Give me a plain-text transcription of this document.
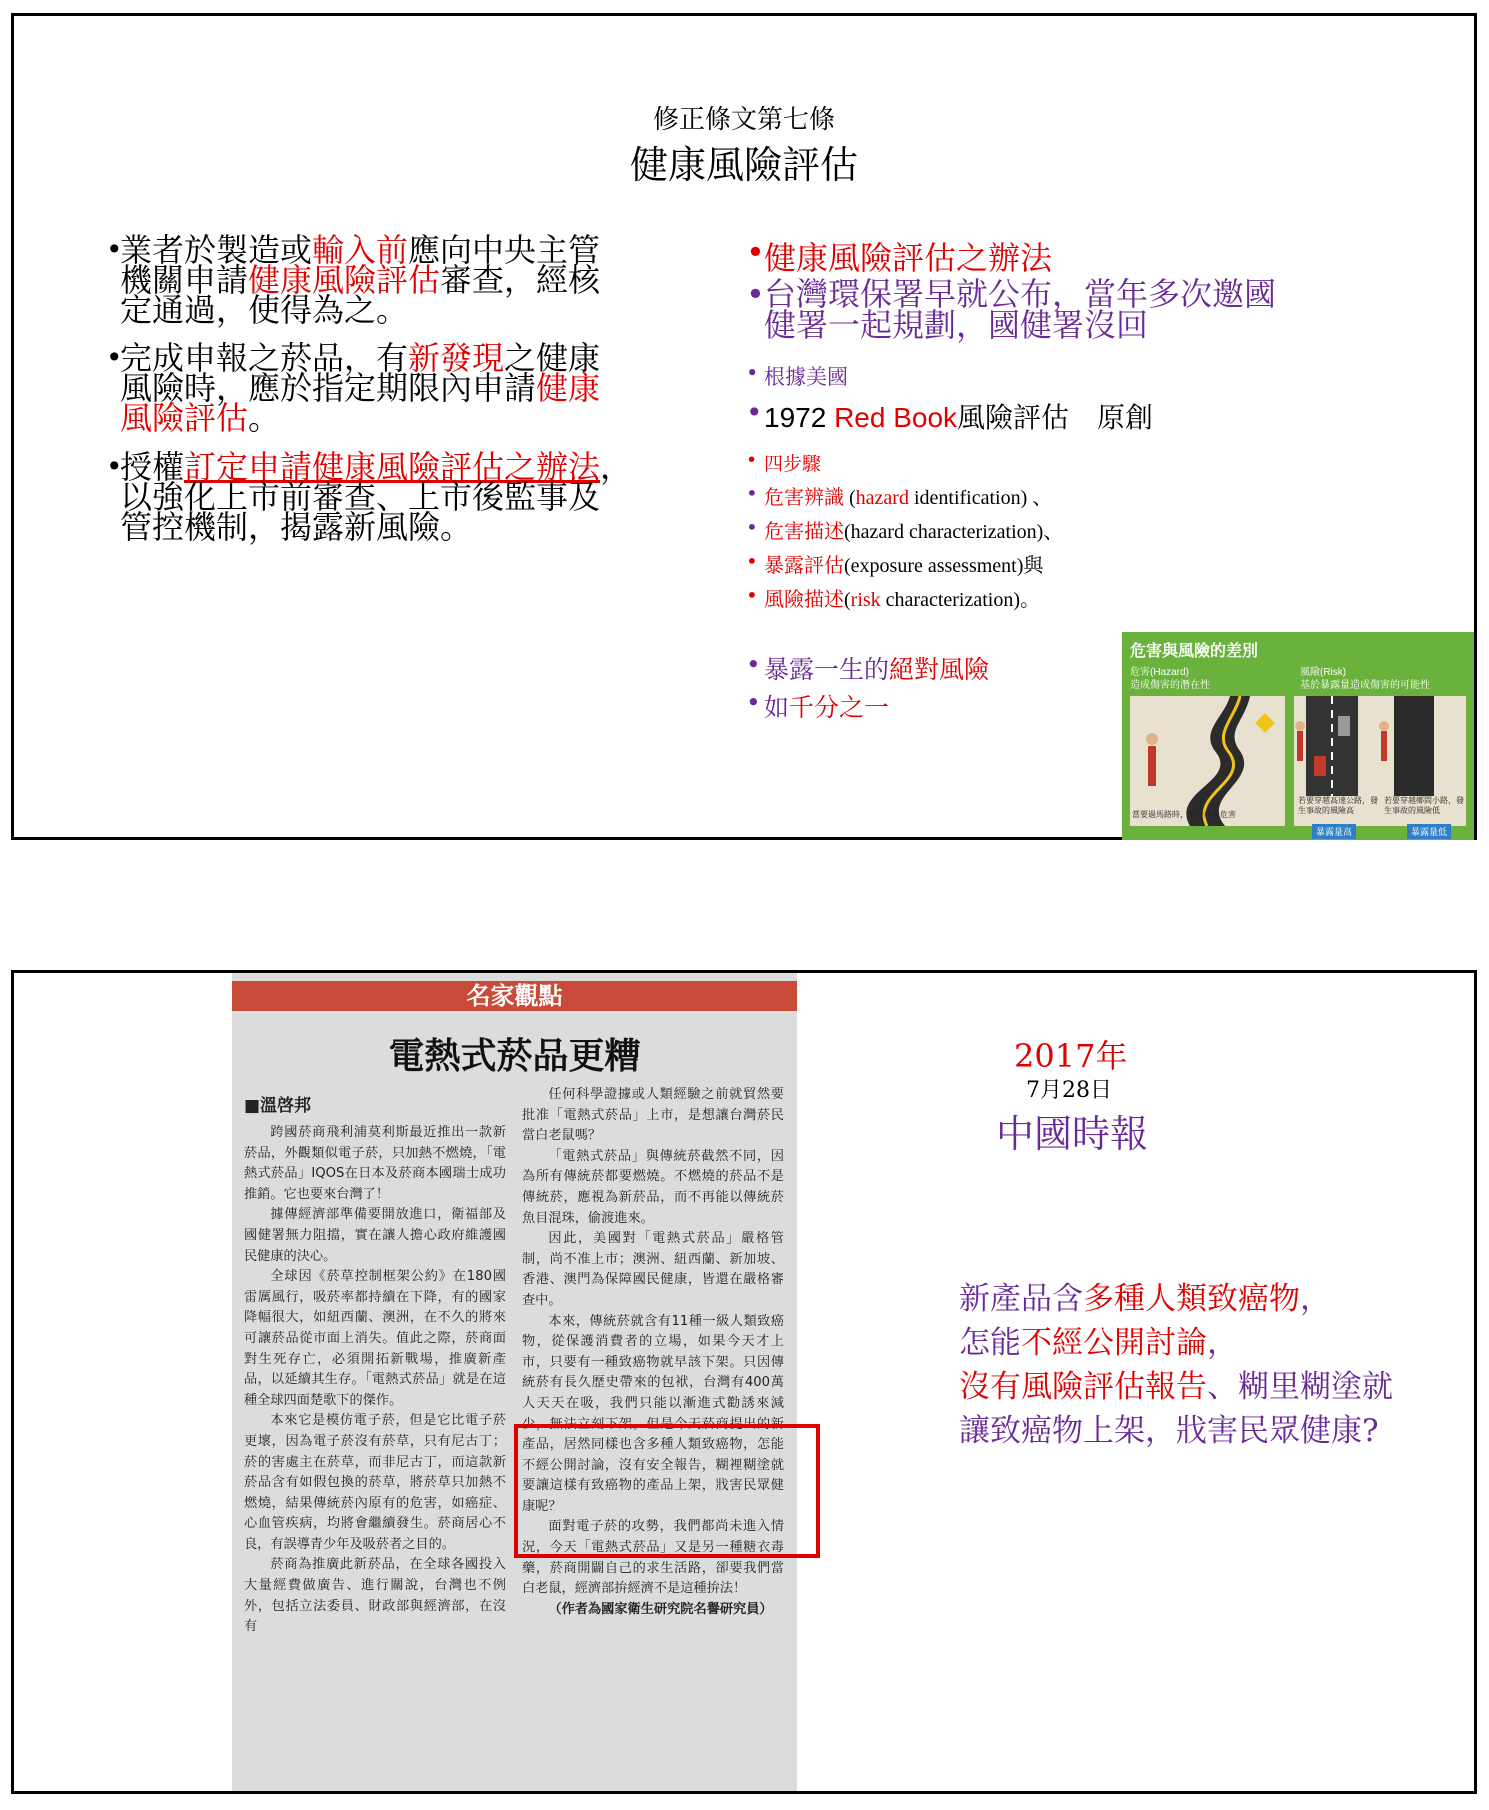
修正條文第七條
健康風險評估
•
業者於製造或輸入前應向中央主管
機關申請健康風險評估審查，經核
定通過，使得為之。
•
完成申報之菸品，有新發現之健康
風險時，應於指定期限內申請健康
風險評估。
•
授權訂定申請健康風險評估之辦法，
以強化上市前審查、上市後監事及
管控機制，揭露新風險。
• 健康風險評估之辦法
• 台灣環保署早就公布，當年多次邀國
健署一起規劃，國健署沒回
• 根據美國
• 1972 Red Book風險評估　原創
• 四步驟
• 危害辨識 (hazard identification) 、
• 危害描述(hazard characterization)、
• 暴露評估(exposure assessment)與
• 風險描述(risk characterization)。
• 暴露一生的絕對風險
• 如千分之一
危害與風險的差別
危害(Hazard)
造成傷害的潛在性
風險(Risk)
基於暴露量造成傷害的可能性
當要過馬路時，車子就是危害
若要穿越高速公路，發生事故的風險高
若要穿越鄉間小路，發生事故的風險低
暴露量高	暴露量低
名家觀點
電熱式菸品更糟
■溫啓邦

跨國菸商飛利浦莫利斯最近推出一款新菸品，外觀類似電子菸，只加熱不燃燒，「電熱式菸品」IQOS在日本及菸商本國瑞士成功推銷。它也要來台灣了！

據傳經濟部準備要開放進口，衛福部及國健署無力阻擋，實在讓人擔心政府維護國民健康的決心。

全球因《菸草控制框架公約》在180國雷厲風行，吸菸率都持續在下降，有的國家降幅很大，如紐西蘭、澳洲，在不久的將來可讓菸品從市面上消失。值此之際，菸商面對生死存亡，必須開拓新戰場，推廣新產品，以延續其生存。「電熱式菸品」就是在這種全球四面楚歌下的傑作。

本來它是模仿電子菸，但是它比電子菸更壞，因為電子菸沒有菸草，只有尼古丁；菸的害處主在菸草，而非尼古丁，而這款新菸品含有如假包換的菸草，將菸草只加熱不燃燒，結果傳統菸內原有的危害，如癌症、心血管疾病，均將會繼續發生。菸商居心不良，有誤導青少年及吸菸者之目的。

菸商為推廣此新菸品，在全球各國投入大量經費做廣告、進行關說，台灣也不例外，包括立法委員、財政部與經濟部，在沒有

任何科學證據或人類經驗之前就貿然要批准「電熱式菸品」上市，是想讓台灣菸民當白老鼠嗎？

「電熱式菸品」與傳統菸截然不同，因為所有傳統菸都要燃燒。不燃燒的菸品不是傳統菸，應視為新菸品，而不再能以傳統菸魚目混珠，偷渡進來。

因此，美國對「電熱式菸品」嚴格管制，尚不准上市；澳洲、紐西蘭、新加坡、香港、澳門為保障國民健康，皆還在嚴格審查中。

本來，傳統菸就含有11種一級人類致癌物，從保護消費者的立場，如果今天才上市，只要有一種致癌物就早該下架。只因傳統菸有長久歷史帶來的包袱，台灣有400萬人天天在吸，我們只能以漸進式勸誘來減少，無法立刻下架。但是今天菸商提出的新產品，居然同樣也含多種人類致癌物，怎能不經公開討論，沒有安全報告，糊裡糊塗就要讓這樣有致癌物的產品上架，戕害民眾健康呢？

面對電子菸的攻勢，我們都尚未進入情況，今天「電熱式菸品」又是另一種糖衣毒藥，菸商開闢自己的求生活路，卻要我們當白老鼠，經濟部拚經濟不是這種拚法！

（作者為國家衛生研究院名譽研究員）

2017年
7月28日
中國時報
新產品含多種人類致癌物，
怎能不經公開討論，
沒有風險評估報告、糊里糊塗就
讓致癌物上架，戕害民眾健康?
